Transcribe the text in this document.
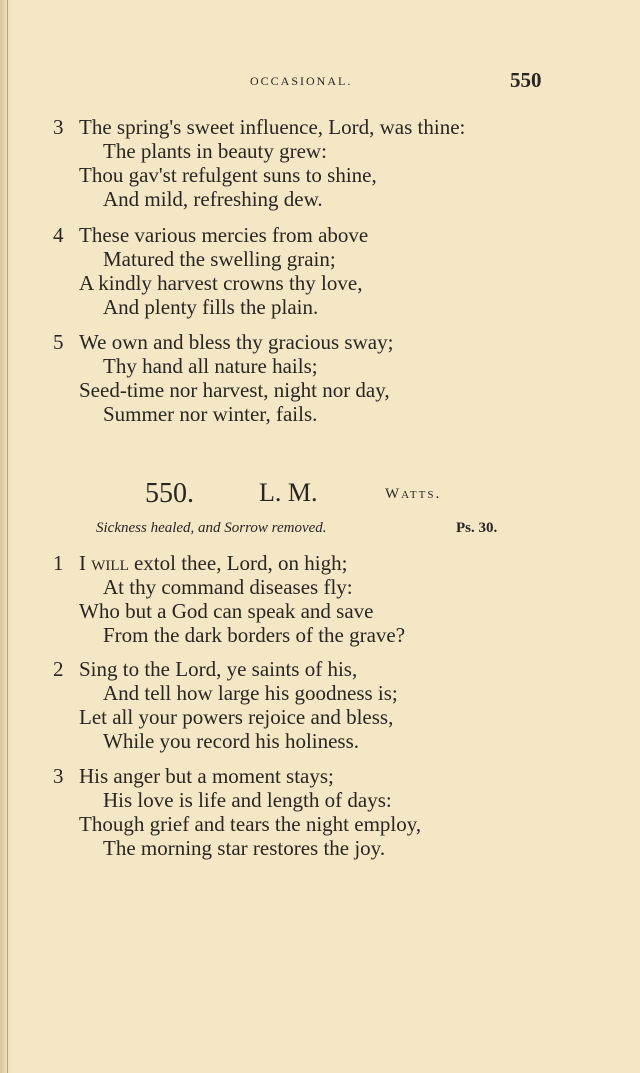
OCCASIONAL.	550
3 The spring's sweet influence, Lord, was thine:
The plants in beauty grew:
Thou gav'st refulgent suns to shine,
And mild, refreshing dew.
4 These various mercies from above
Matured the swelling grain;
A kindly harvest crowns thy love,
And plenty fills the plain.
5 We own and bless thy gracious sway;
Thy hand all nature hails;
Seed-time nor harvest, night nor day,
Summer nor winter, fails.
550.	L. M.	Watts.
Sickness healed, and Sorrow removed.	Ps. 30.
1 I will extol thee, Lord, on high;
At thy command diseases fly:
Who but a God can speak and save
From the dark borders of the grave?
2 Sing to the Lord, ye saints of his,
And tell how large his goodness is;
Let all your powers rejoice and bless,
While you record his holiness.
3 His anger but a moment stays;
His love is life and length of days:
Though grief and tears the night employ,
The morning star restores the joy.
